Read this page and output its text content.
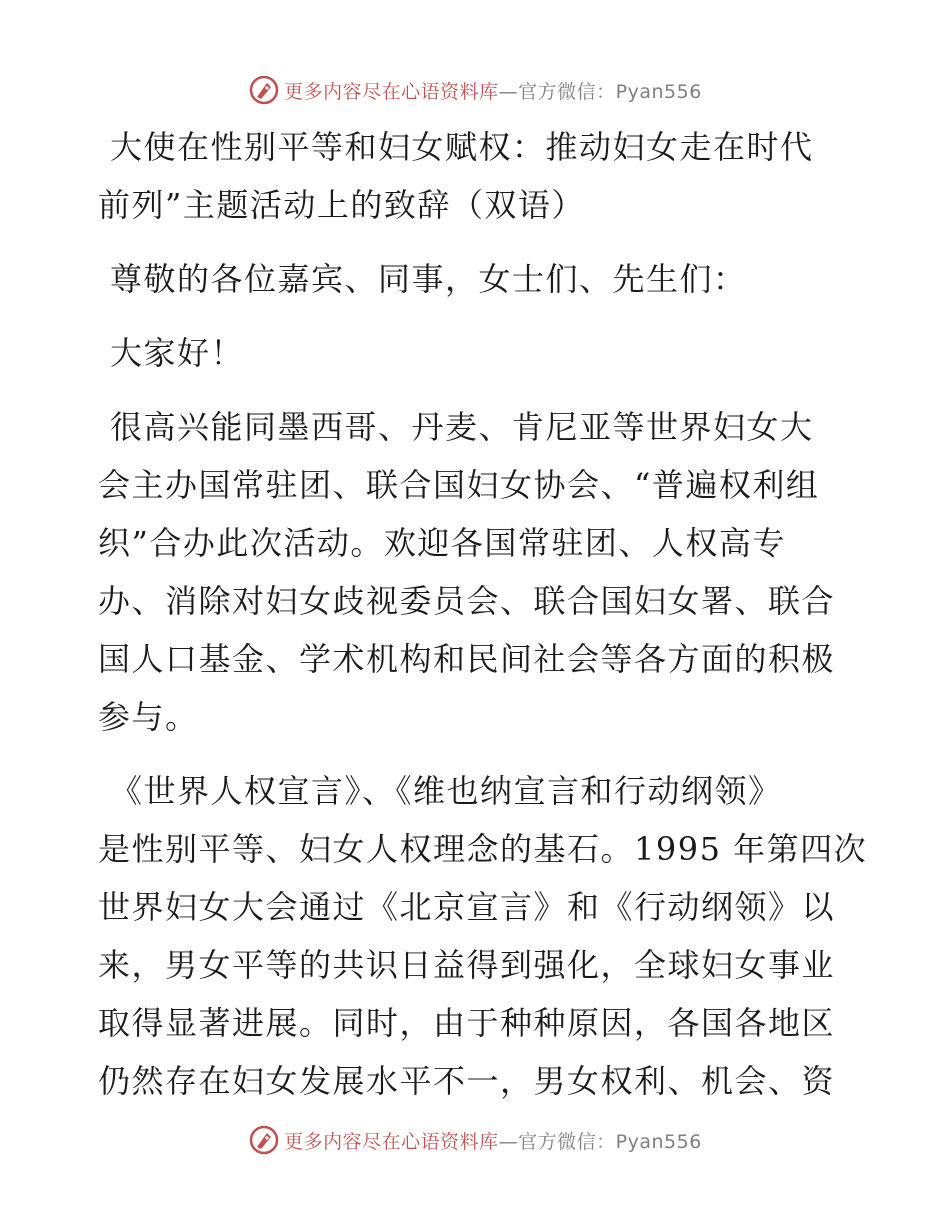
更多内容尽在心语资料库—官方微信：Pyan556
大使在性别平等和妇女赋权：推动妇女走在时代
前列”主题活动上的致辞（双语）
尊敬的各位嘉宾、同事，女士们、先生们：
大家好！
很高兴能同墨西哥、丹麦、肯尼亚等世界妇女大
会主办国常驻团、联合国妇女协会、“普遍权利组
织”合办此次活动。欢迎各国常驻团、人权高专
办、消除对妇女歧视委员会、联合国妇女署、联合
国人口基金、学术机构和民间社会等各方面的积极
参与。
《世界人权宣言》、《维也纳宣言和行动纲领》
是性别平等、妇女人权理念的基石。1995 年第四次
世界妇女大会通过《北京宣言》和《行动纲领》以
来，男女平等的共识日益得到强化，全球妇女事业
取得显著进展。同时，由于种种原因，各国各地区
仍然存在妇女发展水平不一，男女权利、机会、资
更多内容尽在心语资料库—官方微信：Pyan556
